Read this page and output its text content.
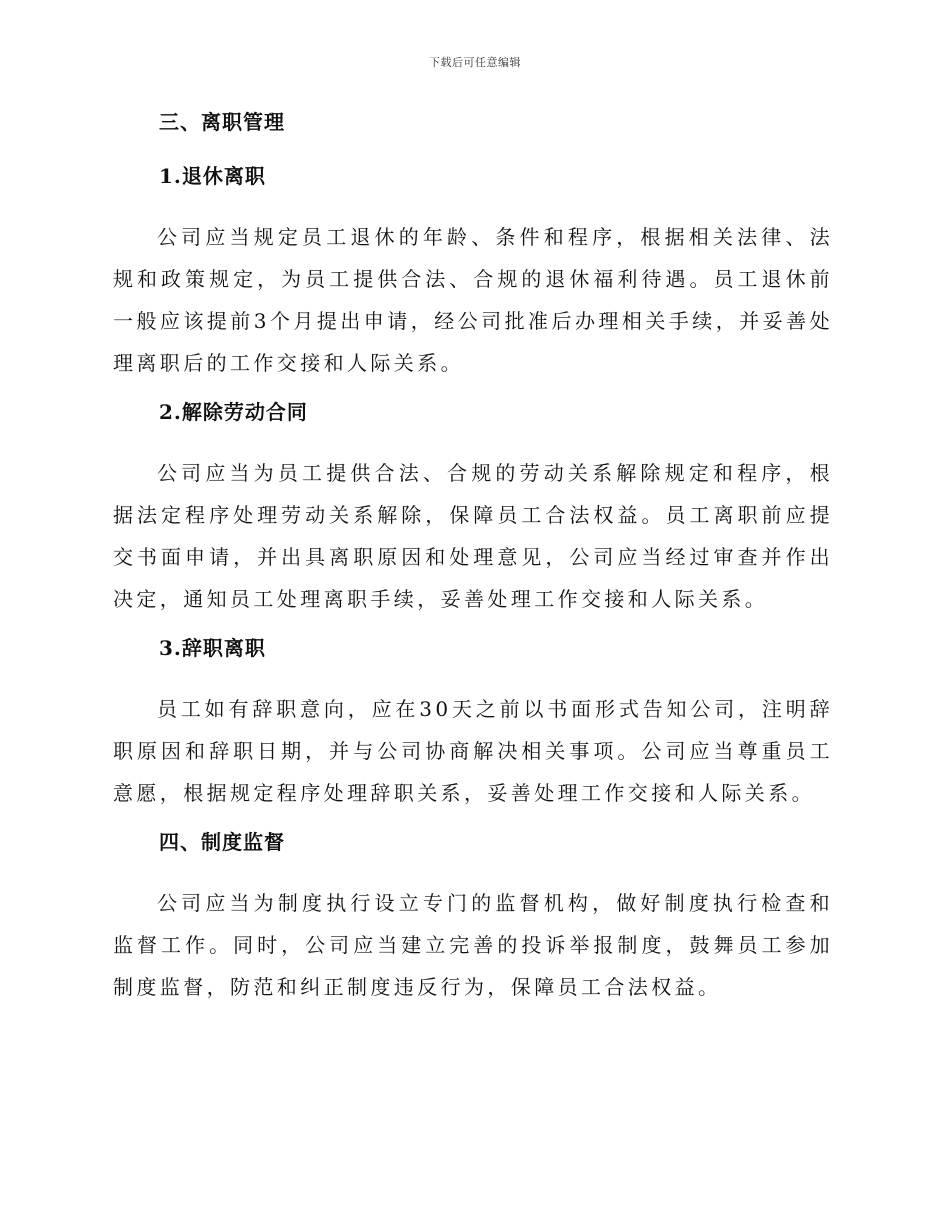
下载后可任意编辑
三、离职管理
1.退休离职

公司应当规定员工退休的年龄、条件和程序，根据相关法律、法规和政策规定，为员工提供合法、合规的退休福利待遇。员工退休前一般应该提前3个月提出申请，经公司批准后办理相关手续，并妥善处理离职后的工作交接和人际关系。

2.解除劳动合同

公司应当为员工提供合法、合规的劳动关系解除规定和程序，根据法定程序处理劳动关系解除，保障员工合法权益。员工离职前应提交书面申请，并出具离职原因和处理意见，公司应当经过审查并作出决定，通知员工处理离职手续，妥善处理工作交接和人际关系。

3.辞职离职

员工如有辞职意向，应在30天之前以书面形式告知公司，注明辞职原因和辞职日期，并与公司协商解决相关事项。公司应当尊重员工意愿，根据规定程序处理辞职关系，妥善处理工作交接和人际关系。

四、制度监督

公司应当为制度执行设立专门的监督机构，做好制度执行检查和监督工作。同时，公司应当建立完善的投诉举报制度，鼓舞员工参加制度监督，防范和纠正制度违反行为，保障员工合法权益。
